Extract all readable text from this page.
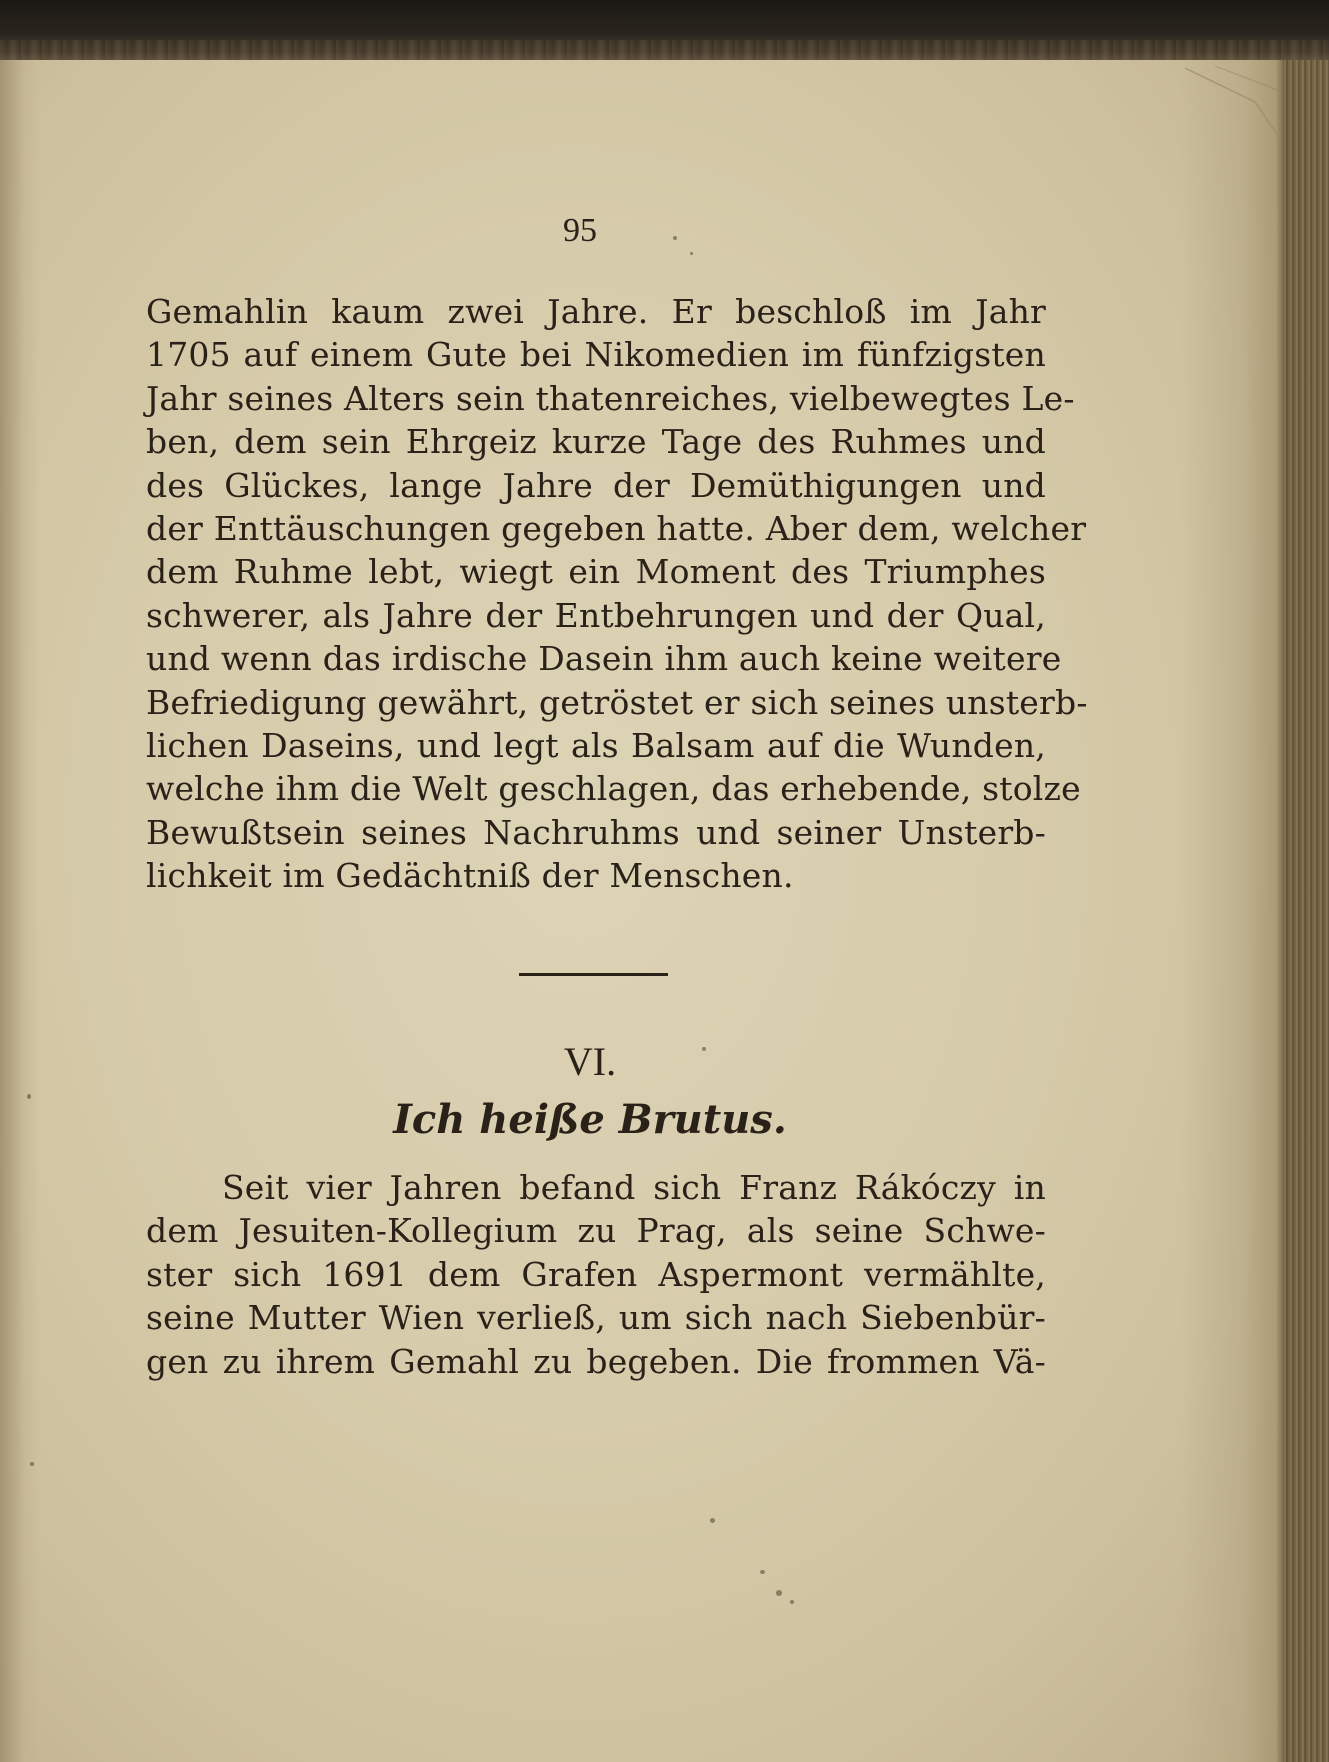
95
Gemahlin kaum zwei Jahre. Er beschloß im Jahr
1705 auf einem Gute bei Nikomedien im fünfzigsten
Jahr seines Alters sein thatenreiches, vielbewegtes Le-
ben, dem sein Ehrgeiz kurze Tage des Ruhmes und
des Glückes, lange Jahre der Demüthigungen und
der Enttäuschungen gegeben hatte. Aber dem, welcher
dem Ruhme lebt, wiegt ein Moment des Triumphes
schwerer, als Jahre der Entbehrungen und der Qual,
und wenn das irdische Dasein ihm auch keine weitere
Befriedigung gewährt, getröstet er sich seines unsterb-
lichen Daseins, und legt als Balsam auf die Wunden,
welche ihm die Welt geschlagen, das erhebende, stolze
Bewußtsein seines Nachruhms und seiner Unsterb-
lichkeit im Gedächtniß der Menschen.
VI.
Ich heiße Brutus.
Seit vier Jahren befand sich Franz Rákóczy in
dem Jesuiten-Kollegium zu Prag, als seine Schwe-
ster sich 1691 dem Grafen Aspermont vermählte,
seine Mutter Wien verließ, um sich nach Siebenbür-
gen zu ihrem Gemahl zu begeben. Die frommen Vä-
